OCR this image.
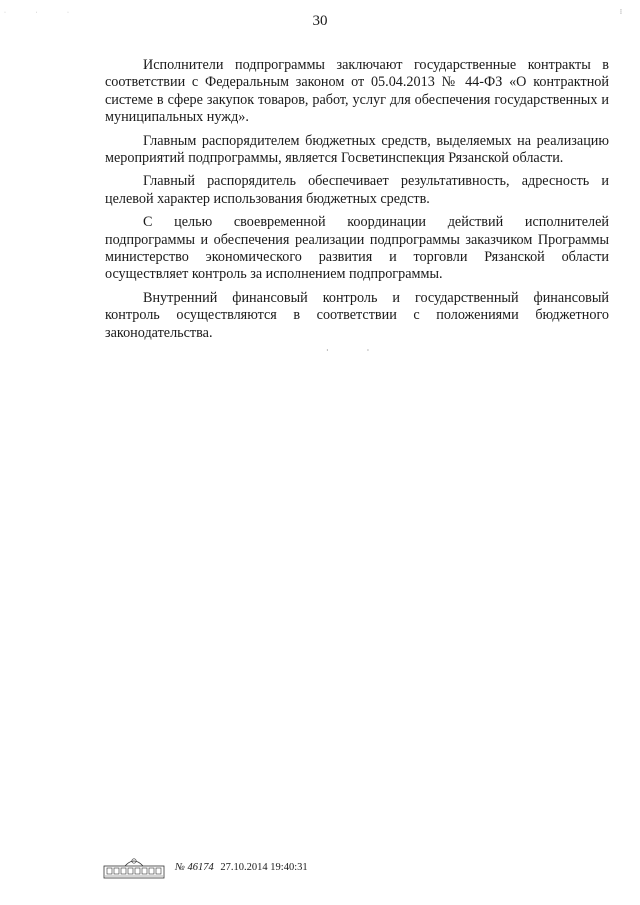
· · ·	⁞
30

Исполнители подпрограммы заключают государственные контракты в соответствии с Федеральным законом от 05.04.2013 № 44-ФЗ «О контрактной системе в сфере закупок товаров, работ, услуг для обеспечения государственных и муниципальных нужд».

Главным распорядителем бюджетных средств, выделяемых на реализацию мероприятий подпрограммы, является Госветинспекция Рязанской области.

Главный распорядитель обеспечивает результативность, адресность и целевой характер использования бюджетных средств.

С целью своевременной координации действий исполнителей подпрограммы и обеспечения реализации подпрограммы заказчиком Программы министерство экономического развития и торговли Рязанской области осуществляет контроль за исполнением подпрограммы.

Внутренний финансовый контроль и государственный финансовый контроль осуществляются в соответствии с положениями бюджетного законодательства.

· ·
№ 46174 27.10.2014 19:40:31
